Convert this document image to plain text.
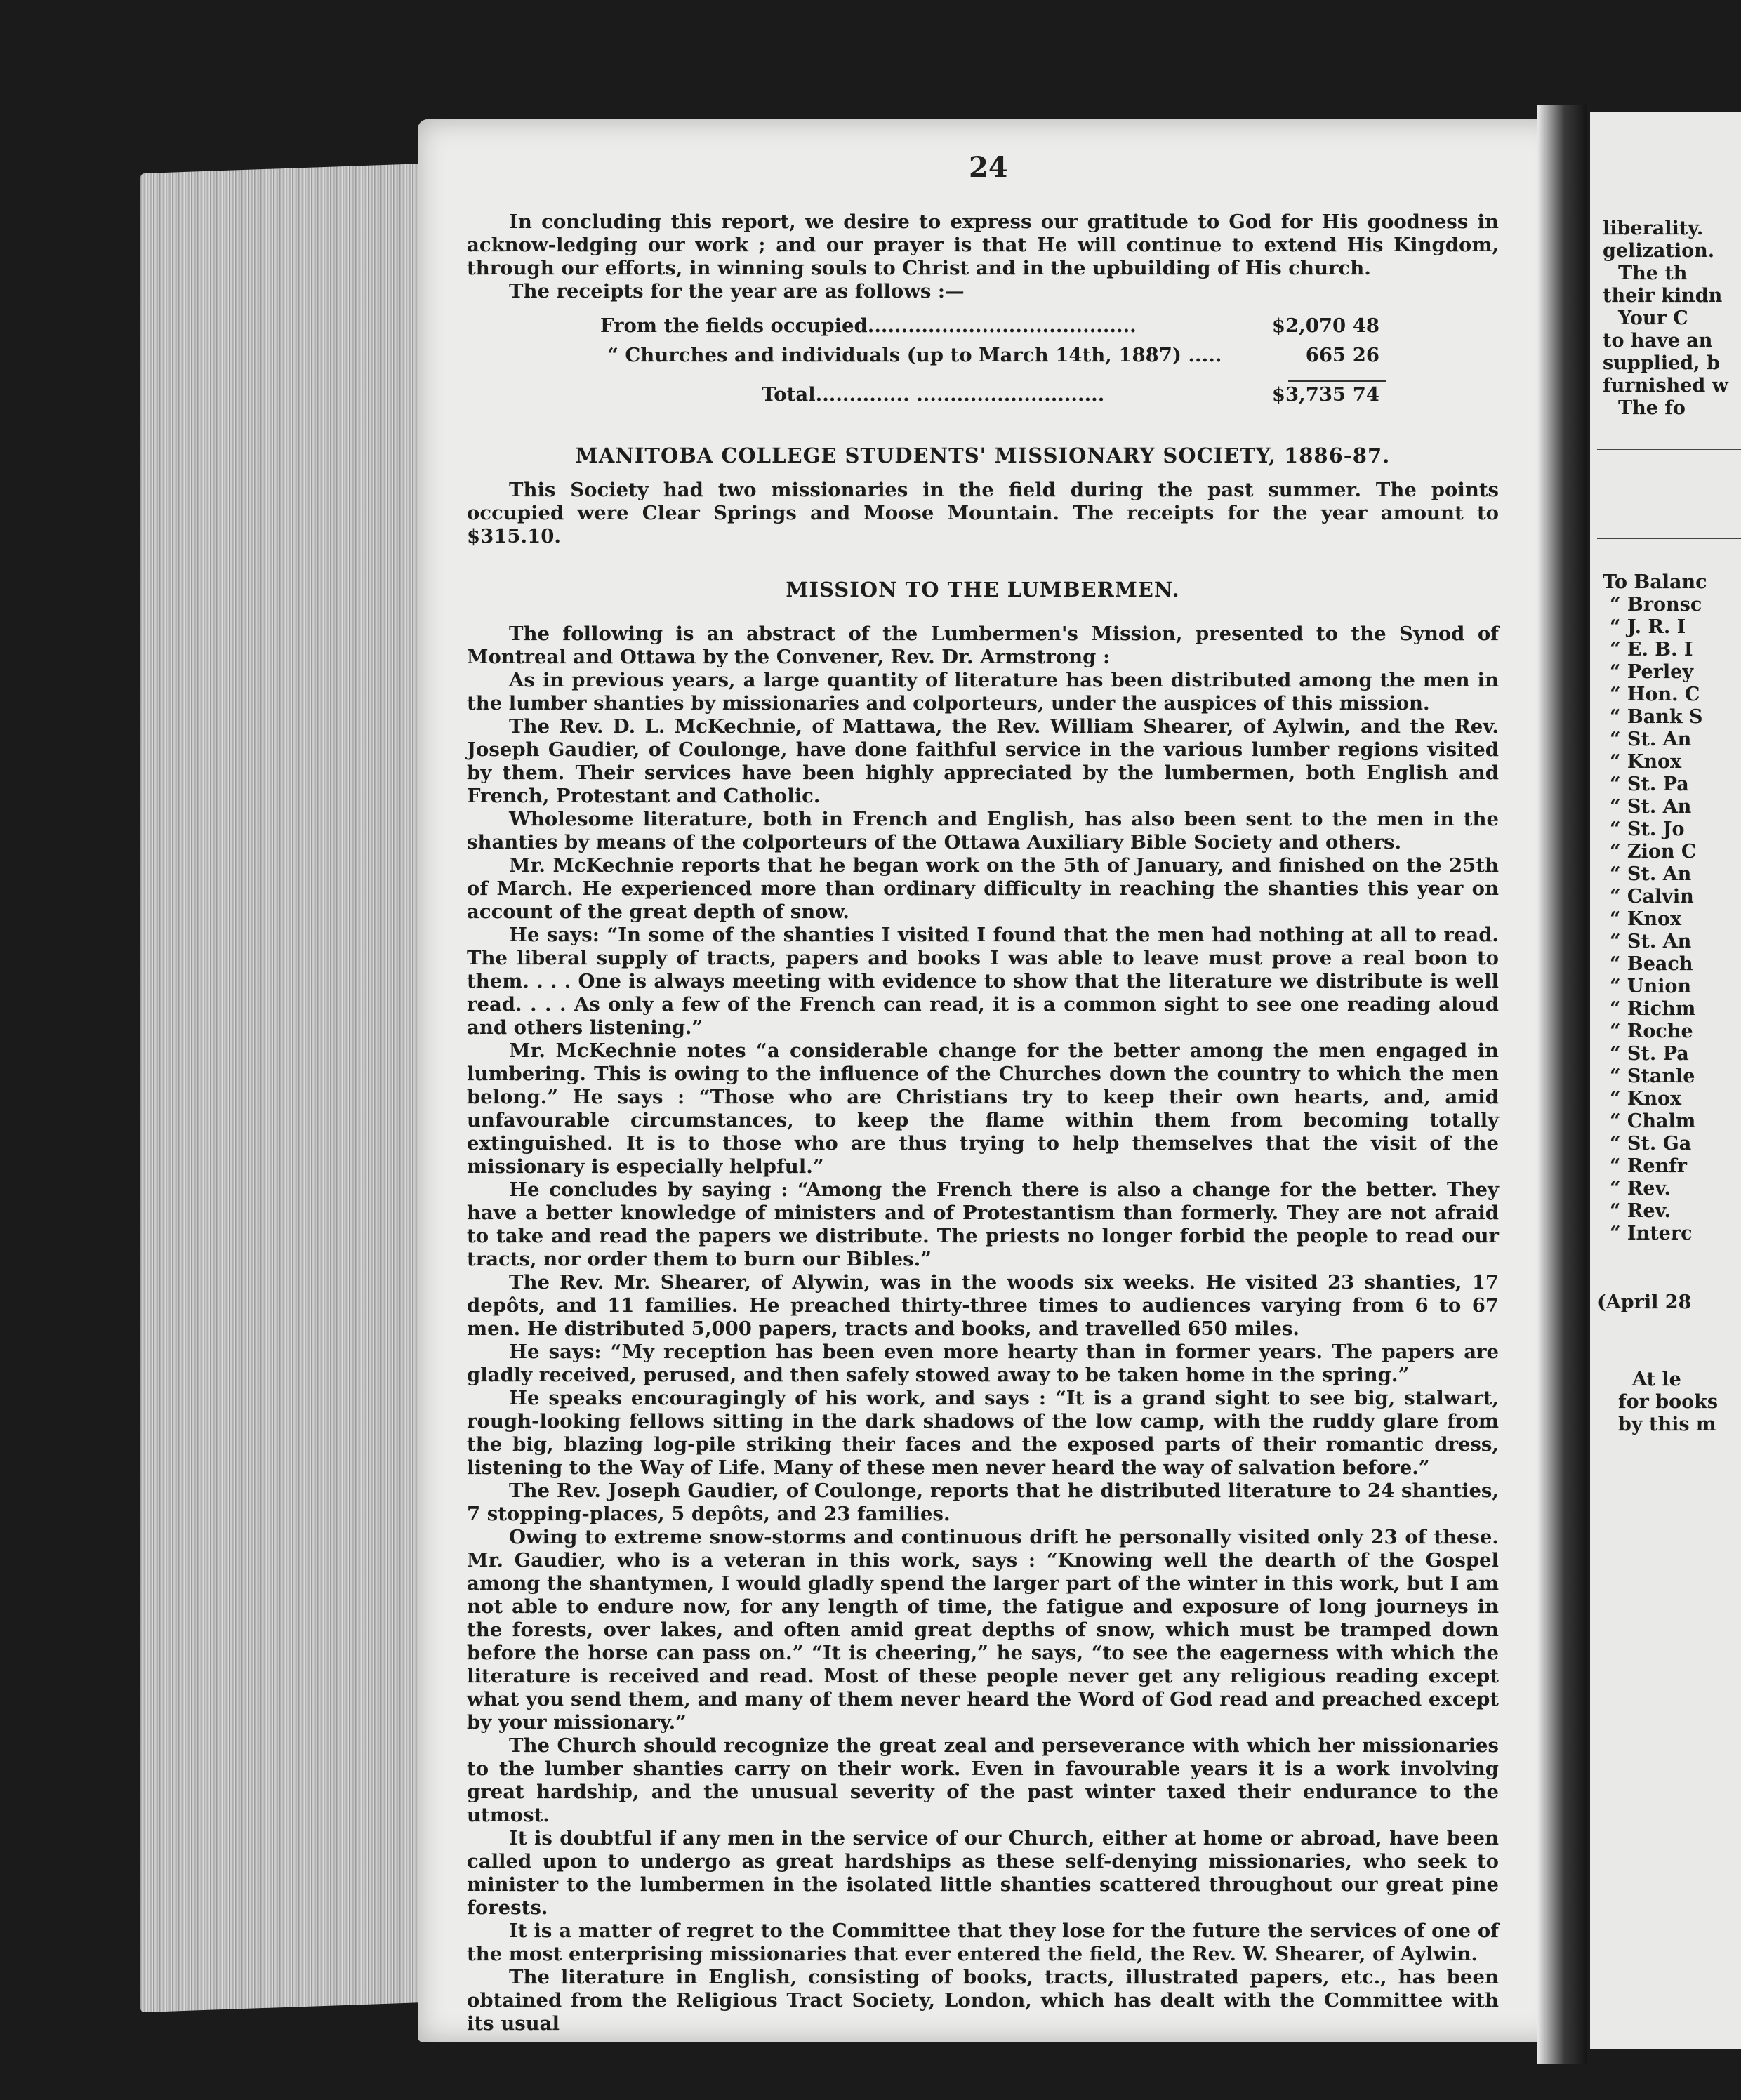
24

In concluding this report, we desire to express our gratitude to God for His goodness in acknow-ledging our work ; and our prayer is that He will continue to extend His Kingdom, through our efforts, in winning souls to Christ and in the upbuilding of His church.

The receipts for the year are as follows :—

From the fields occupied........................................	$2,070 48
“ Churches and individuals (up to March 14th, 1887) .....	665 26
Total.............. ............................	$3,735 74
MANITOBA COLLEGE STUDENTS' MISSIONARY SOCIETY, 1886-87.

This Society had two missionaries in the field during the past summer. The points occupied were Clear Springs and Moose Mountain. The receipts for the year amount to $315.10.

MISSION TO THE LUMBERMEN.

The following is an abstract of the Lumbermen's Mission, presented to the Synod of Montreal and Ottawa by the Convener, Rev. Dr. Armstrong :

As in previous years, a large quantity of literature has been distributed among the men in the lumber shanties by missionaries and colporteurs, under the auspices of this mission.

The Rev. D. L. McKechnie, of Mattawa, the Rev. William Shearer, of Aylwin, and the Rev. Joseph Gaudier, of Coulonge, have done faithful service in the various lumber regions visited by them. Their services have been highly appreciated by the lumbermen, both English and French, Protestant and Catholic.

Wholesome literature, both in French and English, has also been sent to the men in the shanties by means of the colporteurs of the Ottawa Auxiliary Bible Society and others.

Mr. McKechnie reports that he began work on the 5th of January, and finished on the 25th of March. He experienced more than ordinary difficulty in reaching the shanties this year on account of the great depth of snow.

He says: “In some of the shanties I visited I found that the men had nothing at all to read. The liberal supply of tracts, papers and books I was able to leave must prove a real boon to them. . . . One is always meeting with evidence to show that the literature we distribute is well read. . . . As only a few of the French can read, it is a common sight to see one reading aloud and others listening.”

Mr. McKechnie notes “a considerable change for the better among the men engaged in lumbering. This is owing to the influence of the Churches down the country to which the men belong.” He says : “Those who are Christians try to keep their own hearts, and, amid unfavourable circumstances, to keep the flame within them from becoming totally extinguished. It is to those who are thus trying to help themselves that the visit of the missionary is especially helpful.”

He concludes by saying : “Among the French there is also a change for the better. They have a better knowledge of ministers and of Protestantism than formerly. They are not afraid to take and read the papers we distribute. The priests no longer forbid the people to read our tracts, nor order them to burn our Bibles.”

The Rev. Mr. Shearer, of Alywin, was in the woods six weeks. He visited 23 shanties, 17 depôts, and 11 families. He preached thirty-three times to audiences varying from 6 to 67 men. He distributed 5,000 papers, tracts and books, and travelled 650 miles.

He says: “My reception has been even more hearty than in former years. The papers are gladly received, perused, and then safely stowed away to be taken home in the spring.”

He speaks encouragingly of his work, and says : “It is a grand sight to see big, stalwart, rough-looking fellows sitting in the dark shadows of the low camp, with the ruddy glare from the big, blazing log-pile striking their faces and the exposed parts of their romantic dress, listening to the Way of Life. Many of these men never heard the way of salvation before.”

The Rev. Joseph Gaudier, of Coulonge, reports that he distributed literature to 24 shanties, 7 stopping-places, 5 depôts, and 23 families.

Owing to extreme snow-storms and continuous drift he personally visited only 23 of these. Mr. Gaudier, who is a veteran in this work, says : “Knowing well the dearth of the Gospel among the shantymen, I would gladly spend the larger part of the winter in this work, but I am not able to endure now, for any length of time, the fatigue and exposure of long journeys in the forests, over lakes, and often amid great depths of snow, which must be tramped down before the horse can pass on.” “It is cheering,” he says, “to see the eagerness with which the literature is received and read. Most of these people never get any religious reading except what you send them, and many of them never heard the Word of God read and preached except by your missionary.”

The Church should recognize the great zeal and perseverance with which her missionaries to the lumber shanties carry on their work. Even in favourable years it is a work involving great hardship, and the unusual severity of the past winter taxed their endurance to the utmost.

It is doubtful if any men in the service of our Church, either at home or abroad, have been called upon to undergo as great hardships as these self-denying missionaries, who seek to minister to the lumbermen in the isolated little shanties scattered throughout our great pine forests.

It is a matter of regret to the Committee that they lose for the future the services of one of the most enterprising missionaries that ever entered the field, the Rev. W. Shearer, of Aylwin.

The literature in English, consisting of books, tracts, illustrated papers, etc., has been obtained from the Religious Tract Society, London, which has dealt with the Committee with its usual

liberality.
gelization.
The th
their kindn
Your C
to have an
supplied, b
furnished w
The fo
To Balanc
“ Bronsc
“ J. R. I
“ E. B. I
“ Perley
“ Hon. C
“ Bank S
“ St. An
“ Knox
“ St. Pa
“ St. An
“ St. Jo
“ Zion C
“ St. An
“ Calvin
“ Knox
“ St. An
“ Beach
“ Union
“ Richm
“ Roche
“ St. Pa
“ Stanle
“ Knox
“ Chalm
“ St. Ga
“ Renfr
“ Rev.
“ Rev.
“ Interc
(April 28
At le
for books
by this m
